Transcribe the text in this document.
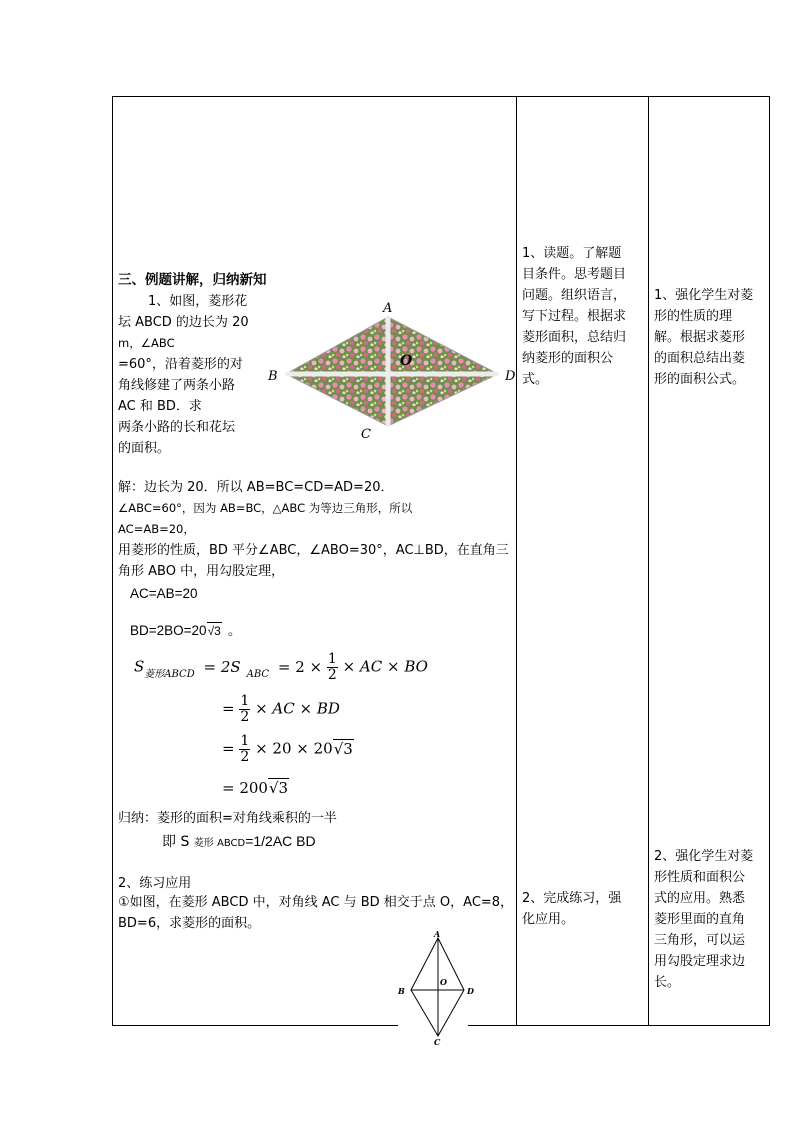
三、例题讲解，归纳新知
1、如图，菱形花
坛 ABCD 的边长为 20
m，∠ABC
=60°，沿着菱形的对
角线修建了两条小路
AC 和 BD．求
两条小路的长和花坛
的面积。
A
B
C
D
O
解：边长为 20．所以 AB=BC=CD=AD=20．
∠ABC=60°，因为 AB=BC，△ABC 为等边三角形，所以
AC=AB=20，
用菱形的性质，BD 平分∠ABC，∠ABO=30°，AC⊥BD，在直角三
角形 ABO 中，用勾股定理，
AC=AB=20
BD=2BO=20√3 。
$S_{菱形ABCD} = 2S$ $_{ABC} = 2 \times \frac{1}{2}$ × AC × BO
= $\frac{1}{2}$ × AC × BD
= $\frac{1}{2} \times 20 \times 20√3$
= 200√3
归纳：菱形的面积=对角线乘积的一半
即 S 菱形 ABCD=1/2AC BD
2、练习应用
①如图，在菱形 ABCD 中，对角线 AC 与 BD 相交于点 O，AC=8，
BD=6，求菱形的面积。
A
B
C
D
O
1、读题。了解题
目条件。思考题目
问题。组织语言，
写下过程。根据求
菱形面积，总结归
纳菱形的面积公
式。
2、完成练习，强
化应用。
1、强化学生对菱
形的性质的理
解。根据求菱形
的面积总结出菱
形的面积公式。
2、强化学生对菱
形性质和面积公
式的应用。熟悉
菱形里面的直角
三角形，可以运
用勾股定理求边
长。
